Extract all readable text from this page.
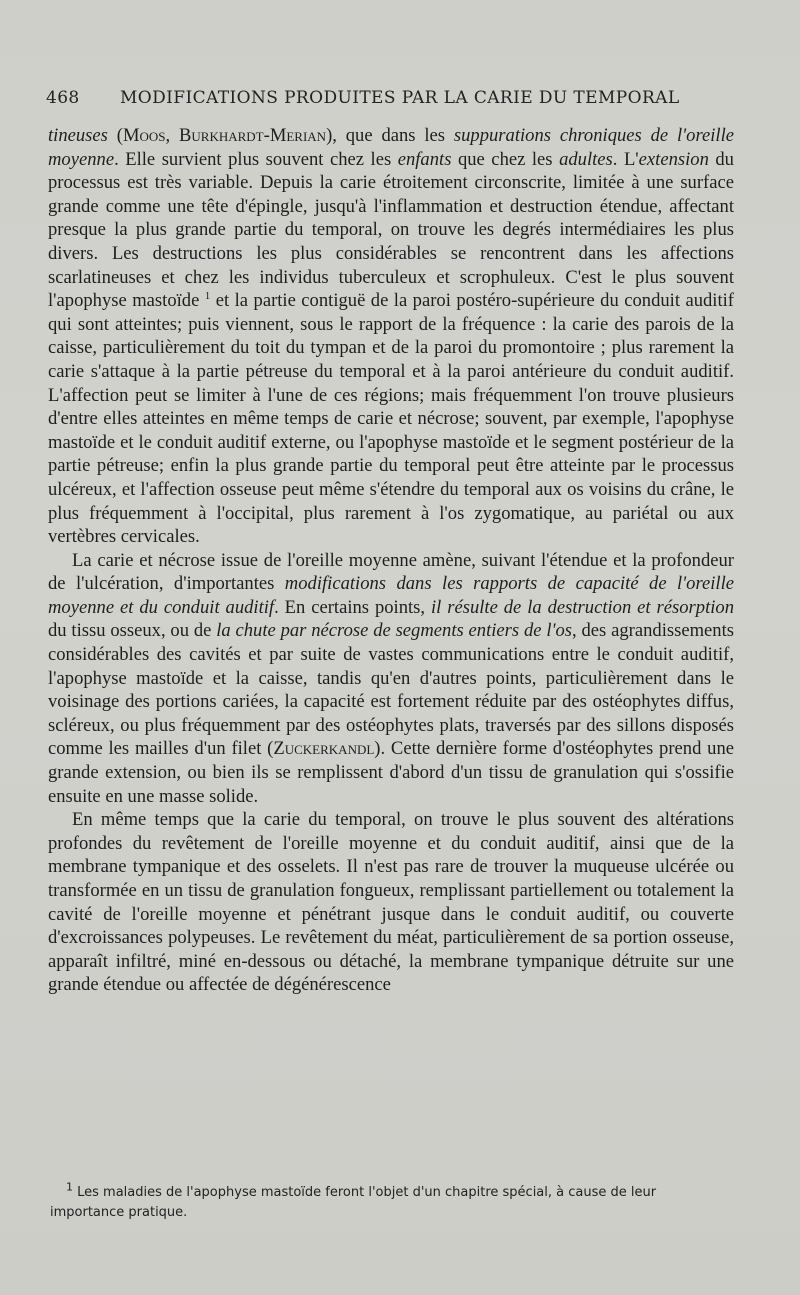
468 MODIFICATIONS PRODUITES PAR LA CARIE DU TEMPORAL

tineuses (Moos, Burkhardt-Merian), que dans les suppurations chroniques de l'oreille moyenne. Elle survient plus souvent chez les enfants que chez les adultes. L'extension du processus est très variable. Depuis la carie étroitement circonscrite, limitée à une surface grande comme une tête d'épingle, jusqu'à l'inflammation et destruction étendue, affectant presque la plus grande partie du temporal, on trouve les degrés intermédiaires les plus divers. Les destructions les plus considérables se rencontrent dans les affections scarlatineuses et chez les individus tuberculeux et scrophuleux. C'est le plus souvent l'apophyse mastoïde $^1$ et la partie contiguë de la paroi postéro-supérieure du conduit auditif qui sont atteintes; puis viennent, sous le rapport de la fréquence : la carie des parois de la caisse, particulièrement du toit du tympan et de la paroi du promontoire ; plus rarement la carie s'attaque à la partie pétreuse du temporal et à la paroi antérieure du conduit auditif. L'affection peut se limiter à l'une de ces régions; mais fréquemment l'on trouve plusieurs d'entre elles atteintes en même temps de carie et nécrose; souvent, par exemple, l'apophyse mastoïde et le conduit auditif externe, ou l'apophyse mastoïde et le segment postérieur de la partie pétreuse; enfin la plus grande partie du temporal peut être atteinte par le processus ulcéreux, et l'affection osseuse peut même s'étendre du temporal aux os voisins du crâne, le plus fréquemment à l'occipital, plus rarement à l'os zygomatique, au pariétal ou aux vertèbres cervicales.

La carie et nécrose issue de l'oreille moyenne amène, suivant l'étendue et la profondeur de l'ulcération, d'importantes modifications dans les rapports de capacité de l'oreille moyenne et du conduit auditif. En certains points, il résulte de la destruction et résorption du tissu osseux, ou de la chute par nécrose de segments entiers de l'os, des agrandissements considérables des cavités et par suite de vastes communications entre le conduit auditif, l'apophyse mastoïde et la caisse, tandis qu'en d'autres points, particulièrement dans le voisinage des portions cariées, la capacité est fortement réduite par des ostéophytes diffus, scléreux, ou plus fréquemment par des ostéophytes plats, traversés par des sillons disposés comme les mailles d'un filet (Zuckerkandl). Cette dernière forme d'ostéophytes prend une grande extension, ou bien ils se remplissent d'abord d'un tissu de granulation qui s'ossifie ensuite en une masse solide.

En même temps que la carie du temporal, on trouve le plus souvent des altérations profondes du revêtement de l'oreille moyenne et du conduit auditif, ainsi que de la membrane tympanique et des osselets. Il n'est pas rare de trouver la muqueuse ulcérée ou transformée en un tissu de granulation fongueux, remplissant partiellement ou totalement la cavité de l'oreille moyenne et pénétrant jusque dans le conduit auditif, ou couverte d'excroissances polypeuses. Le revêtement du méat, particulièrement de sa portion osseuse, apparaît infiltré, miné en-dessous ou détaché, la membrane tympanique détruite sur une grande étendue ou affectée de dégénérescence

$^1$ Les maladies de l'apophyse mastoïde feront l'objet d'un chapitre spécial, à cause de leur importance pratique.
